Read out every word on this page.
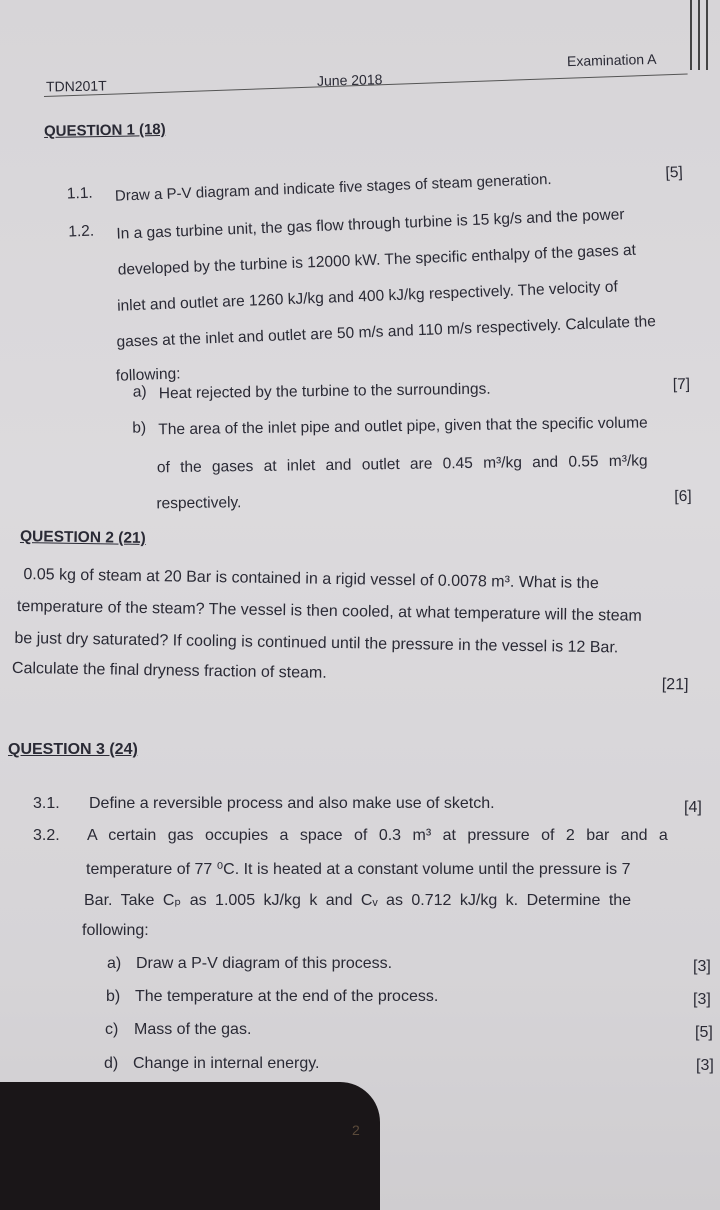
TDN201T	June 2018
Examination A
QUESTION 1 (18)
1.1. Draw a P-V diagram and indicate five stages of steam generation.	[5]
1.2. In a gas turbine unit, the gas flow through turbine is 15 kg/s and the power
developed by the turbine is 12000 kW. The specific enthalpy of the gases at
inlet and outlet are 1260 kJ/kg and 400 kJ/kg respectively. The velocity of
gases at the inlet and outlet are 50 m/s and 110 m/s respectively. Calculate the
following:
a) Heat rejected by the turbine to the surroundings.	[7]
b) The area of the inlet pipe and outlet pipe, given that the specific volume
of the gases at inlet and outlet are 0.45 m³/kg and 0.55 m³/kg
respectively.	[6]
QUESTION 2 (21)
0.05 kg of steam at 20 Bar is contained in a rigid vessel of 0.0078 m³. What is the
temperature of the steam? The vessel is then cooled, at what temperature will the steam
be just dry saturated? If cooling is continued until the pressure in the vessel is 12 Bar.
Calculate the final dryness fraction of steam.
[21]
QUESTION 3 (24)
3.1. Define a reversible process and also make use of sketch.	[4]
3.2. A certain gas occupies a space of 0.3 m³ at pressure of 2 bar and a
temperature of 77 ⁰C. It is heated at a constant volume until the pressure is 7
Bar. Take Cₚ as 1.005 kJ/kg k and Cᵥ as 0.712 kJ/kg k. Determine the
following:
a) Draw a P-V diagram of this process.	[3]
b) The temperature at the end of the process.	[3]
c) Mass of the gas.	[5]
d) Change in internal energy.	[3]
2
